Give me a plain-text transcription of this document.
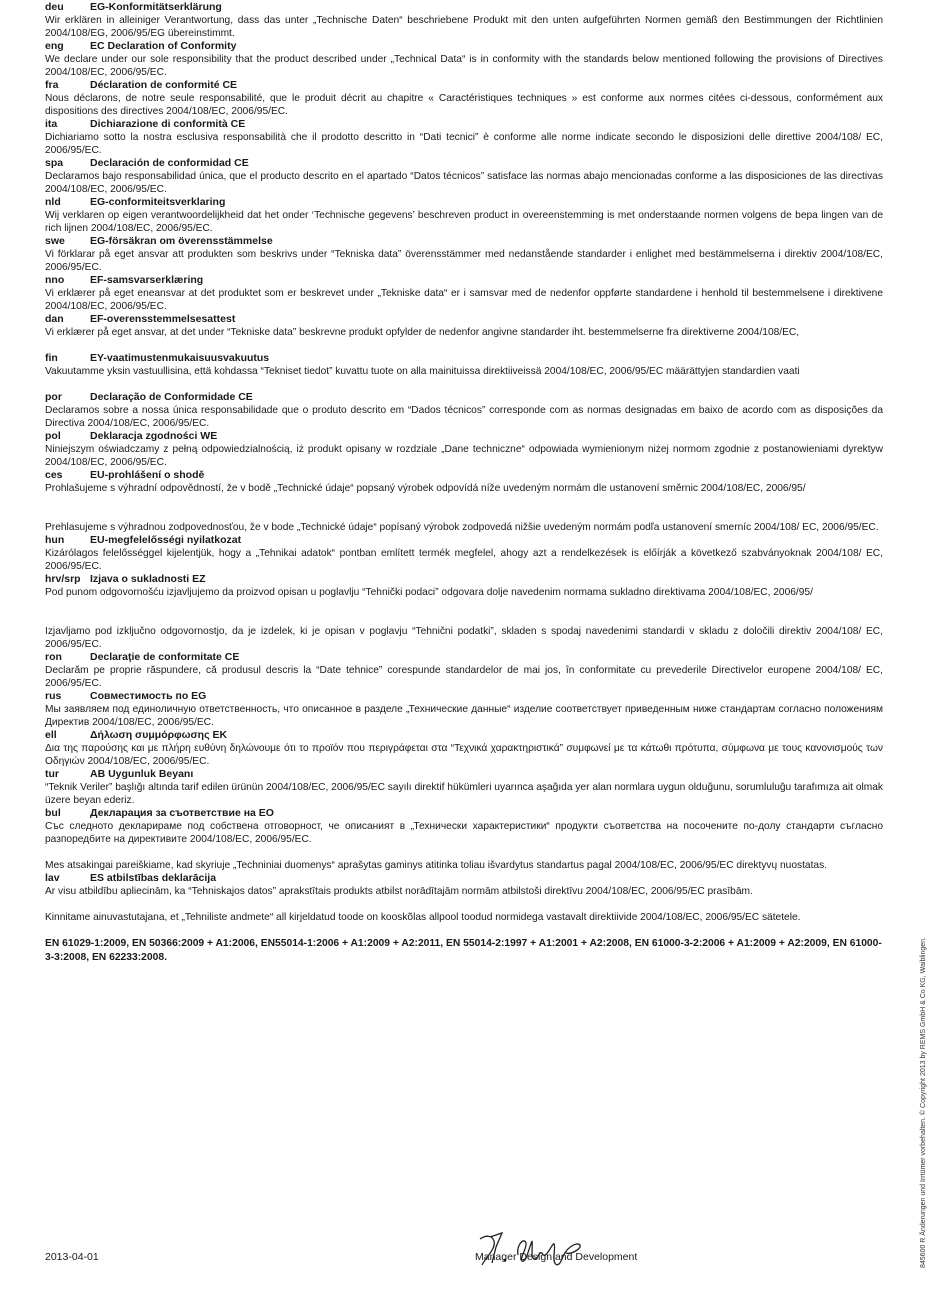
deu	EG-Konformitätserklärung
Wir erklären in alleiniger Verantwortung, dass das unter „Technische Daten“ beschriebene Produkt mit den unten aufgeführten Normen gemäß den Bestimmungen der Richtlinien 2004/108/EG, 2006/95/EG übereinstimmt.
eng	EC Declaration of Conformity
We declare under our sole responsibility that the product described under „Technical Data“ is in conformity with the standards below mentioned following the provisions of Directives 2004/108/EC, 2006/95/EC.
fra	Déclaration de conformité CE
Nous déclarons, de notre seule responsabilité, que le produit décrit au chapitre « Caractéristiques techniques » est conforme aux normes citées ci-dessous, conformément aux dispositions des directives 2004/108/EC, 2006/95/EC.
ita	Dichiarazione di conformità CE
Dichiariamo sotto la nostra esclusiva responsabilità che il prodotto descritto in “Dati tecnici” è conforme alle norme indicate secondo le disposizioni delle direttive 2004/108/ EC, 2006/95/EC.
spa	Declaración de conformidad CE
Declaramos bajo responsabilidad única, que el producto descrito en el apartado “Datos técnicos” satisface las normas abajo mencionadas conforme a las disposiciones de las directivas 2004/108/EC, 2006/95/EC.
nld	EG-conformiteitsverklaring
Wij verklaren op eigen verantwoordelijkheid dat het onder ‘Technische gegevens’ beschreven product in overeenstemming is met onderstaande normen volgens de bepa lingen van de rich lijnen 2004/108/EC, 2006/95/EC.
swe EG-försäkran om överensstämmelse
Vi förklarar på eget ansvar att produkten som beskrivs under “Tekniska data” överensstämmer med nedanstående standarder i enlighet med bestämmelserna i direktiv 2004/108/EC, 2006/95/EC.
nno EF-samsvarserklæring
Vi erklærer på eget eneansvar at det produktet som er beskrevet under „Tekniske data“ er i samsvar med de nedenfor oppførte standardene i henhold til bestemmelsene i direktivene 2004/108/EC, 2006/95/EC.
dan	EF-overensstemmelsesattest
Vi erklærer på eget ansvar, at det under “Tekniske data” beskrevne produkt opfylder de nedenfor angivne standarder iht. bestemmelserne fra direktiverne 2004/108/EC,
fin	EY-vaatimustenmukaisuusvakuutus
Vakuutamme yksin vastuullisina, että kohdassa “Tekniset tiedot” kuvattu tuote on alla mainituissa direktiiveissä 2004/108/EC, 2006/95/EC määrättyjen standardien vaati
por	Declaração de Conformidade CE
Declaramos sobre a nossa única responsabilidade que o produto descrito em “Dados técnicos” corresponde com as normas designadas em baixo de acordo com as disposições da Directiva 2004/108/EC, 2006/95/EC.
pol	Deklaracja zgodności WE
Niniejszym oświadczamy z pełną odpowiedzialnością, iż produkt opisany w rozdziale „Dane techniczne“ odpowiada wymienionym niżej normom zgodnie z postanowieniami dyrektyw 2004/108/EC, 2006/95/EC.
ces	EU-prohlášení o shodě
Prohlašujeme s výhradní odpovědností, že v bodě „Technické údaje“ popsaný výrobek odpovídá níže uvedeným normám dle ustanovení směrnic 2004/108/EC, 2006/95/
Prehlasujeme s výhradnou zodpovednosťou, že v bode „Technické údaje“ popísaný výrobok zodpovedá nižšie uvedeným normám podľa ustanovení smerníc 2004/108/ EC, 2006/95/EC.
hun EU-megfelelősségi nyilatkozat
Kizárólagos felelősséggel kijelentjük, hogy a „Tehnikai adatok“ pontban említett termék megfelel, ahogy azt a rendelkezések is előírják a következő szabványoknak 2004/108/ EC, 2006/95/EC.
hrv/srp Izjava o sukladnosti EZ
Pod punom odgovornošću izjavljujemo da proizvod opisan u poglavlju “Tehnički podaci” odgovara dolje navedenim normama sukladno direktivama 2004/108/EC, 2006/95/
Izjavljamo pod izključno odgovornostjo, da je izdelek, ki je opisan v poglavju “Tehnični podatki”, skladen s spodaj navedenimi standardi v skladu z določili direktiv 2004/108/ EC, 2006/95/EC.
ron	Declaraţie de conformitate CE
Declarăm pe proprie răspundere, că produsul descris la “Date tehnice” corespunde standardelor de mai jos, în conformitate cu prevederile Directivelor europene 2004/108/ EC, 2006/95/EC.
rus	Совместимость по EG
Мы заявляем под единоличную ответственность, что описанное в разделе „Технические данные“ изделие соответствует приведенным ниже стандартам согласно положениям Директив 2004/108/EC, 2006/95/EC.
ell	Δήλωση συμμόρφωσης ΕΚ
Δια της παρούσης και με πλήρη ευθύνη δηλώνουμε ότι το προϊόν που περιγράφεται στα “Τεχνικά χαρακτηριστικά” συμφωνεί με τα κάτωθι πρότυπα, σύμφωνα με τους κανονισμούς των Οδηγιών 2004/108/EC, 2006/95/EC.
tur	AB Uygunluk Beyanı
“Teknik Veriler” başlığı altında tarif edilen ürünün 2004/108/EC, 2006/95/EC sayılı direktif hükümleri uyarınca aşağıda yer alan normlara uygun olduğunu, sorumluluğu tarafımıza ait olmak üzere beyan ederiz.
bul	Декларация за съответствие на EО
Със следното декларираме под собствена отговорност, че описаният в „Технически характеристики“ продукти съответства на посочените по-долу стандарти съгласно разпоредбите на директивите 2004/108/EC, 2006/95/EC.
Mes atsakingai pareiškiame, kad skyriuje „Techniniai duomenys“ aprašytas gaminys atitinka toliau išvardytus standartus pagal 2004/108/EC, 2006/95/EC direktyvų nuostatas.
lav	ES atbilstības deklarācija
Ar visu atbildību apliecinām, ka “Tehniskajos datos” aprakstītais produkts atbilst norādītajām normām atbilstoši direktīvu 2004/108/EC, 2006/95/EC prasībām.
Kinnitame ainuvastutajana, et „Tehniliste andmete“ all kirjeldatud toode on kooskõlas allpool toodud normidega vastavalt direktiivide 2004/108/EC, 2006/95/EC sätetele.
EN 61029-1:2009, EN 50366:2009 + A1:2006, EN55014-1:2006 + A1:2009 + A2:2011, EN 55014-2:1997 + A1:2001 + A2:2008, EN 61000-3-2:2006 + A1:2009 + A2:2009, EN 61000-3-3:2008, EN 62233:2008.
2013-04-01	Manager Design and Development	845600 R Änderungen und Irrtümer vorbehalten. © Copyright 2013 by REMS GmbH & Co KG, Waiblingen.
